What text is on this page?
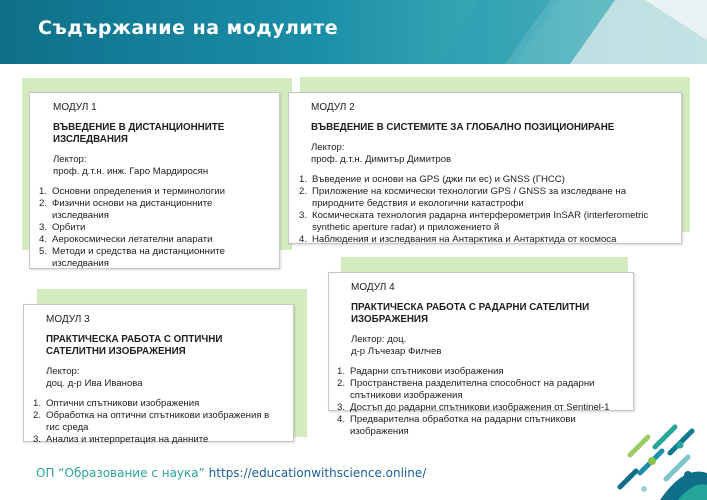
Съдържание на модулите
МОДУЛ 1
ВЪВЕДЕНИЕ В ДИСТАНЦИОННИТЕ ИЗСЛЕДВАНИЯ
Лектор:
проф. д.т.н. инж. Гаро Мардиросян
1. Основни определения и терминологии
2. Физични основи на дистанционните изследвания
3. Орбити
4. Аерокосмически летателни апарати
5. Методи и средства на дистанционните изследвания
МОДУЛ 2
ВЪВЕДЕНИЕ В СИСТЕМИТЕ ЗА ГЛОБАЛНО ПОЗИЦИОНИРАНЕ
Лектор:
проф. д.т.н. Димитър Димитров
1. Въведение и основи на GPS (джи пи ес) и GNSS (ГНСС)
2. Приложение на космически технологии GPS / GNSS за изследване на природните бедствия и екологични катастрофи
3. Космическата технология радарна интерферометрия InSAR (interferometric synthetic aperture radar) и приложениетo й
4. Наблюдения и изследвания на Антарктика и Антарктида от космоса
МОДУЛ 3
ПРАКТИЧЕСКА РАБОТА С ОПТИЧНИ САТЕЛИТНИ ИЗОБРАЖЕНИЯ
Лектор:
доц. д-р Ива Иванова
1. Оптични спътникови изображения
2. Обработка на оптични спътникови изображения в гис среда
3. Анализ и интерпретация на данните
МОДУЛ 4
ПРАКТИЧЕСКА РАБОТА С РАДАРНИ САТЕЛИТНИ ИЗОБРАЖЕНИЯ
Лектор: доц.
д-р Лъчезар Филчев
1. Радарни спътникови изображения
2. Пространствена разделителна способност на радарни спътникови изображения
3. Достъп до радарни спътникови изображения от Sentinel-1
4. Предварителна обработка на радарни спътникови изображения
ОП “Образование с наука” https://educationwithscience.online/
